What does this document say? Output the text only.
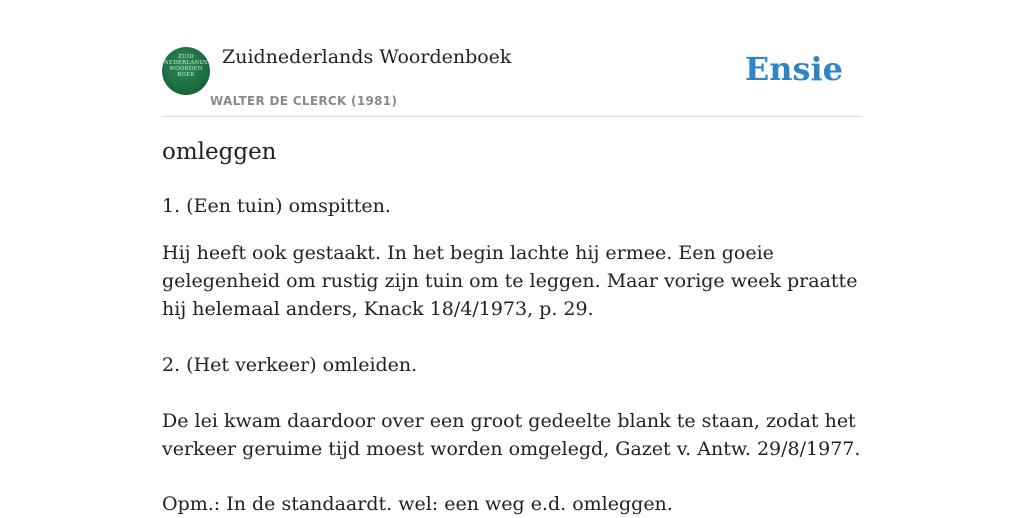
ZUID
NEDERLANDS
WOORDEN
BOEK
Zuidnederlands Woordenboek
WALTER DE CLERCK (1981)
Ensie
omleggen

1. (Een tuin) omspitten.

Hij heeft ook gestaakt. In het begin lachte hij ermee. Een goeie gelegenheid om rustig zijn tuin om te leggen. Maar vorige week praatte hij helemaal anders, Knack 18/4/1973, p. 29.

2. (Het verkeer) omleiden.

De lei kwam daardoor over een groot gedeelte blank te staan, zodat het verkeer geruime tijd moest worden omgelegd, Gazet v. Antw. 29/8/1977.

Opm.: In de standaardt. wel: een weg e.d. omleggen.
